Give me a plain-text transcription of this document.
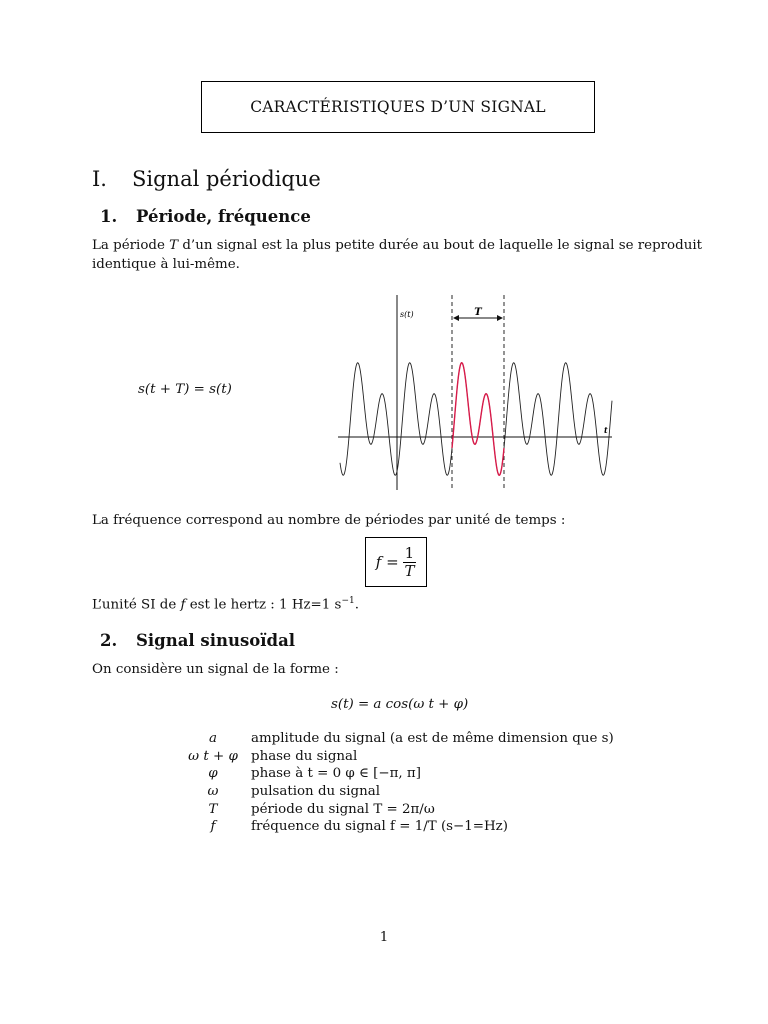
CARACTÉRISTIQUES D’UN SIGNAL
I. Signal périodique
1. Période, fréquence
La période T d’un signal est la plus petite durée au bout de laquelle le signal se reproduit identique à lui-même.
s(t + T) = s(t)
T
s(t)
t
La fréquence correspond au nombre de périodes par unité de temps :
$f = \frac{1}{T}$
L’unité SI de f est le hertz : 1 Hz=1 $s^{-1}$.
2. Signal sinusoïdal
On considère un signal de la forme :
s(t) = a cos(ω t + φ)
a	amplitude du signal (a est de même dimension que s)
ω t + φ	phase du signal
φ	phase à t = 0 φ ∈ [−π, π]
ω	pulsation du signal
T	période du signal T = 2π/ω
f	fréquence du signal f = 1/T (s−1=Hz)
1
